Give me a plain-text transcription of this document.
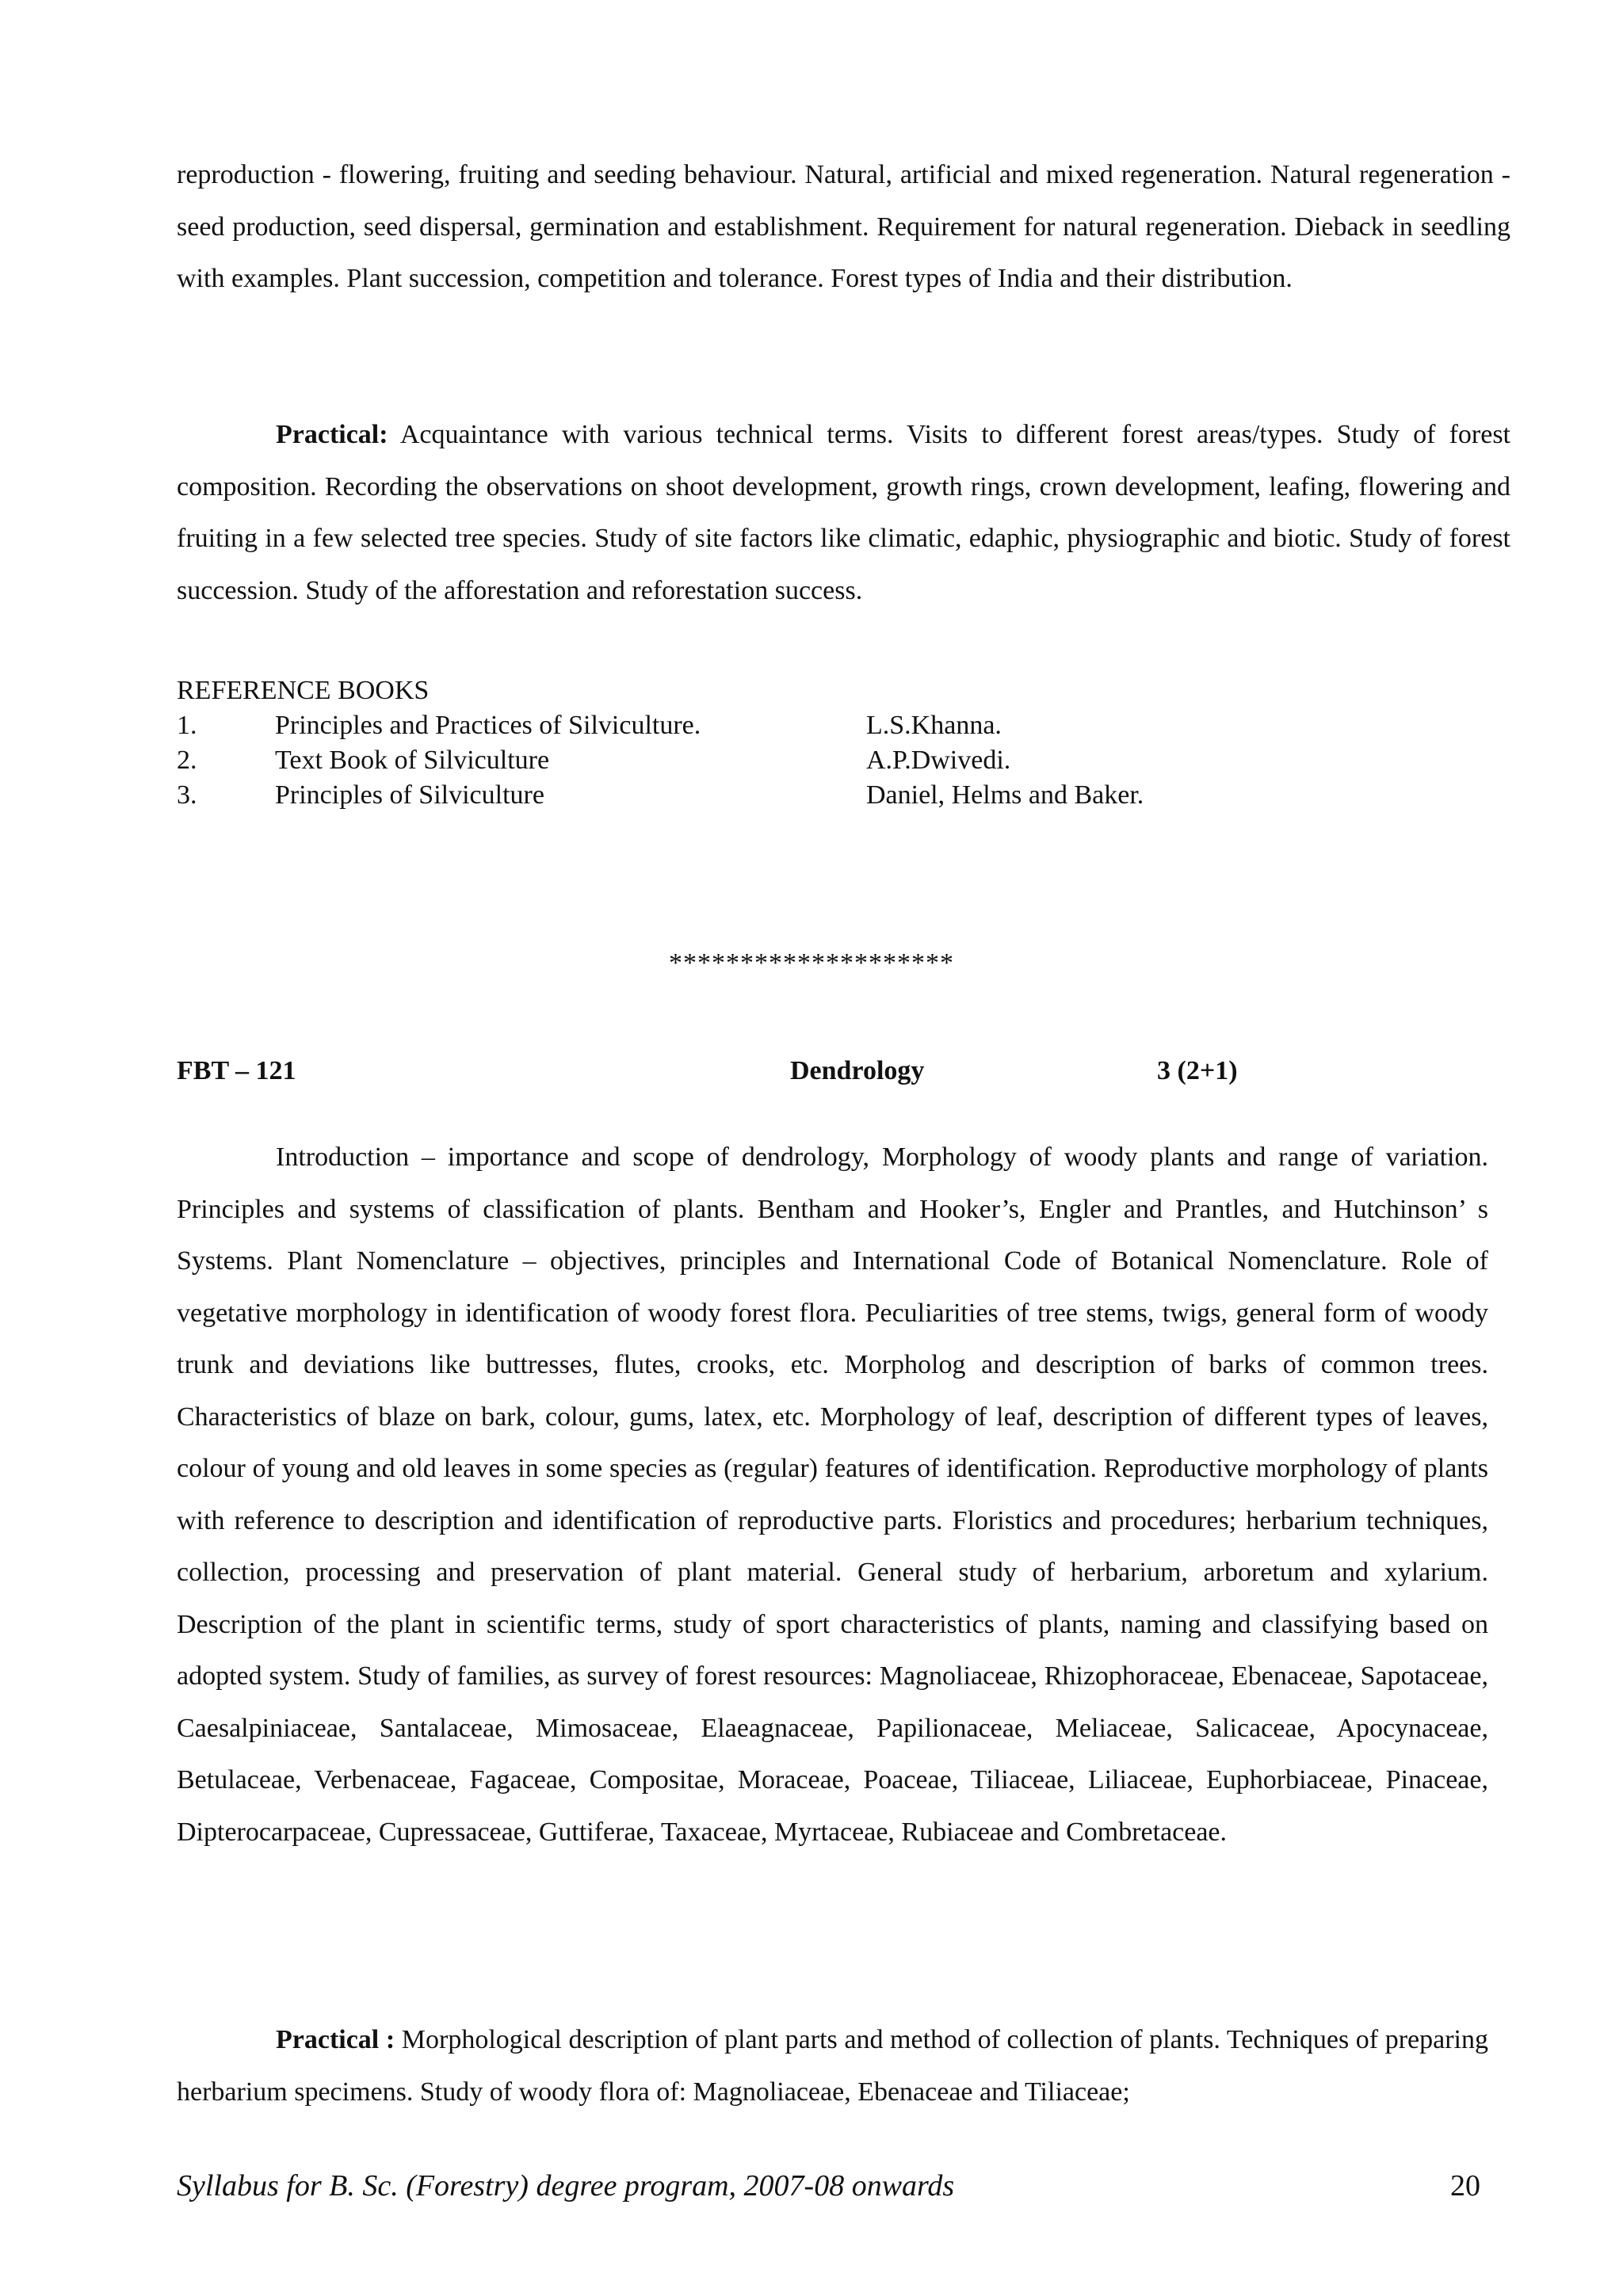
reproduction - flowering, fruiting and seeding behaviour. Natural, artificial and mixed regeneration. Natural regeneration - seed production, seed dispersal, germination and establishment. Requirement for natural regeneration. Dieback in seedling with examples. Plant succession, competition and tolerance. Forest types of India and their distribution.

Practical: Acquaintance with various technical terms. Visits to different forest areas/types. Study of forest composition. Recording the observations on shoot development, growth rings, crown development, leafing, flowering and fruiting in a few selected tree species. Study of site factors like climatic, edaphic, physiographic and biotic. Study of forest succession. Study of the afforestation and reforestation success.

REFERENCE BOOKS
1.	Principles and Practices of Silviculture.	L.S.Khanna.
2.	Text Book of Silviculture	A.P.Dwivedi.
3.	Principles of Silviculture	Daniel, Helms and Baker.
********************
FBT – 121	Dendrology	3 (2+1)

Introduction – importance and scope of dendrology, Morphology of woody plants and range of variation. Principles and systems of classification of plants. Bentham and Hooker’s, Engler and Prantles, and Hutchinson’ s Systems. Plant Nomenclature – objectives, principles and International Code of Botanical Nomenclature. Role of vegetative morphology in identification of woody forest flora. Peculiarities of tree stems, twigs, general form of woody trunk and deviations like buttresses, flutes, crooks, etc. Morpholog and description of barks of common trees. Characteristics of blaze on bark, colour, gums, latex, etc. Morphology of leaf, description of different types of leaves, colour of young and old leaves in some species as (regular) features of identification. Reproductive morphology of plants with reference to description and identification of reproductive parts. Floristics and procedures; herbarium techniques, collection, processing and preservation of plant material. General study of herbarium, arboretum and xylarium. Description of the plant in scientific terms, study of sport characteristics of plants, naming and classifying based on adopted system. Study of families, as survey of forest resources: Magnoliaceae, Rhizophoraceae, Ebenaceae, Sapotaceae, Caesalpiniaceae, Santalaceae, Mimosaceae, Elaeagnaceae, Papilionaceae, Meliaceae, Salicaceae, Apocynaceae, Betulaceae, Verbenaceae, Fagaceae, Compositae, Moraceae, Poaceae, Tiliaceae, Liliaceae, Euphorbiaceae, Pinaceae, Dipterocarpaceae, Cupressaceae, Guttiferae, Taxaceae, Myrtaceae, Rubiaceae and Combretaceae.

Practical : Morphological description of plant parts and method of collection of plants. Techniques of preparing herbarium specimens. Study of woody flora of: Magnoliaceae, Ebenaceae and Tiliaceae;

Syllabus for B. Sc. (Forestry) degree program, 2007-08 onwards	20
